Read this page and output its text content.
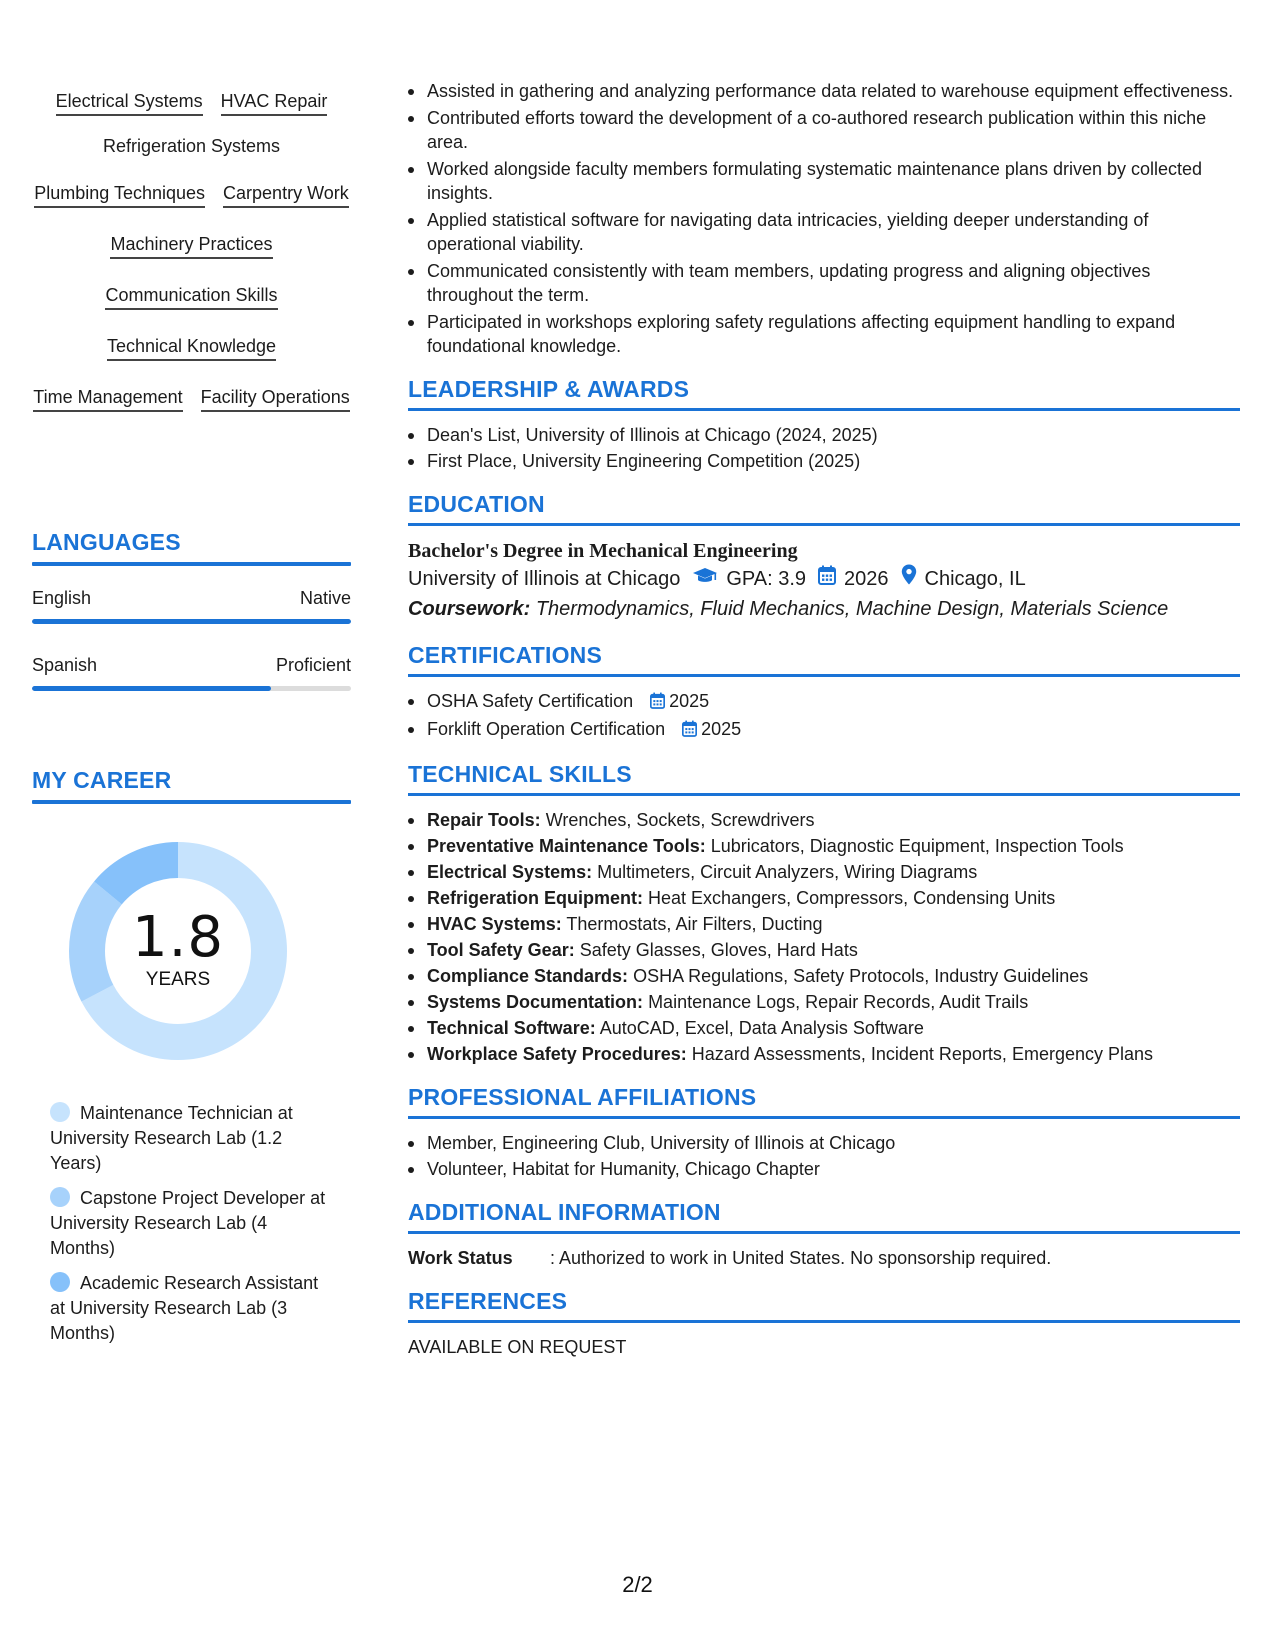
Electrical Systems HVAC Repair
Refrigeration Systems
Plumbing Techniques Carpentry Work
Machinery Practices
Communication Skills
Technical Knowledge
Time Management Facility Operations
LANGUAGES
English	Native
Spanish	Proficient
MY CAREER
1.8
YEARS
Maintenance Technician at University Research Lab (1.2 Years)
Capstone Project Developer at University Research Lab (4 Months)
Academic Research Assistant at University Research Lab (3 Months)
Assisted in gathering and analyzing performance data related to warehouse equipment effectiveness.
Contributed efforts toward the development of a co-authored research publication within this niche area.
Worked alongside faculty members formulating systematic maintenance plans driven by collected insights.
Applied statistical software for navigating data intricacies, yielding deeper understanding of operational viability.
Communicated consistently with team members, updating progress and aligning objectives throughout the term.
Participated in workshops exploring safety regulations affecting equipment handling to expand foundational knowledge.
LEADERSHIP & AWARDS
Dean's List, University of Illinois at Chicago (2024, 2025)
First Place, University Engineering Competition (2025)
EDUCATION
Bachelor's Degree in Mechanical Engineering
University of Illinois at Chicago GPA: 3.9 2026 Chicago, IL
Coursework: Thermodynamics, Fluid Mechanics, Machine Design, Materials Science
CERTIFICATIONS
OSHA Safety Certification 2025
Forklift Operation Certification 2025
TECHNICAL SKILLS
Repair Tools: Wrenches, Sockets, Screwdrivers
Preventative Maintenance Tools: Lubricators, Diagnostic Equipment, Inspection Tools
Electrical Systems: Multimeters, Circuit Analyzers, Wiring Diagrams
Refrigeration Equipment: Heat Exchangers, Compressors, Condensing Units
HVAC Systems: Thermostats, Air Filters, Ducting
Tool Safety Gear: Safety Glasses, Gloves, Hard Hats
Compliance Standards: OSHA Regulations, Safety Protocols, Industry Guidelines
Systems Documentation: Maintenance Logs, Repair Records, Audit Trails
Technical Software: AutoCAD, Excel, Data Analysis Software
Workplace Safety Procedures: Hazard Assessments, Incident Reports, Emergency Plans
PROFESSIONAL AFFILIATIONS
Member, Engineering Club, University of Illinois at Chicago
Volunteer, Habitat for Humanity, Chicago Chapter
ADDITIONAL INFORMATION
Work Status	: Authorized to work in United States. No sponsorship required.
REFERENCES
AVAILABLE ON REQUEST
2/2
